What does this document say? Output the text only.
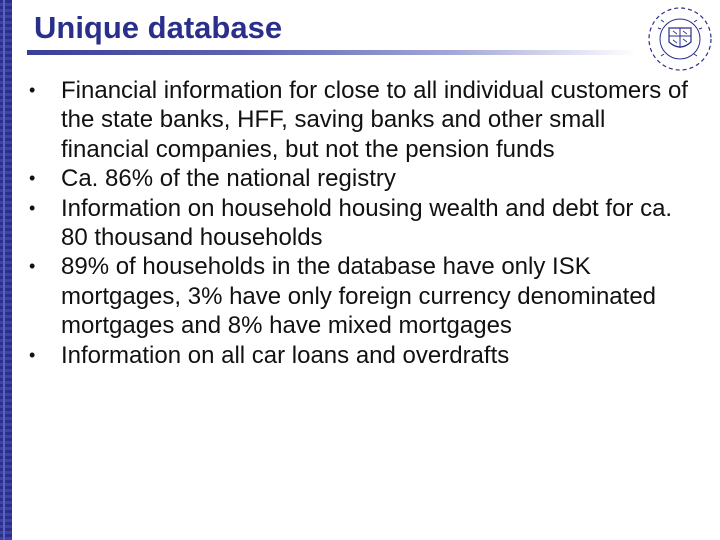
Unique database
• Financial information for close to all individual customers of the state banks, HFF, saving banks and other small financial companies, but not the pension funds
• Ca. 86% of the national registry
• Information on household housing wealth and debt for ca. 80 thousand households
• 89% of households in the database have only ISK mortgages, 3% have only foreign currency denominated mortgages and 8% have mixed mortgages
• Information on all car loans and overdrafts
